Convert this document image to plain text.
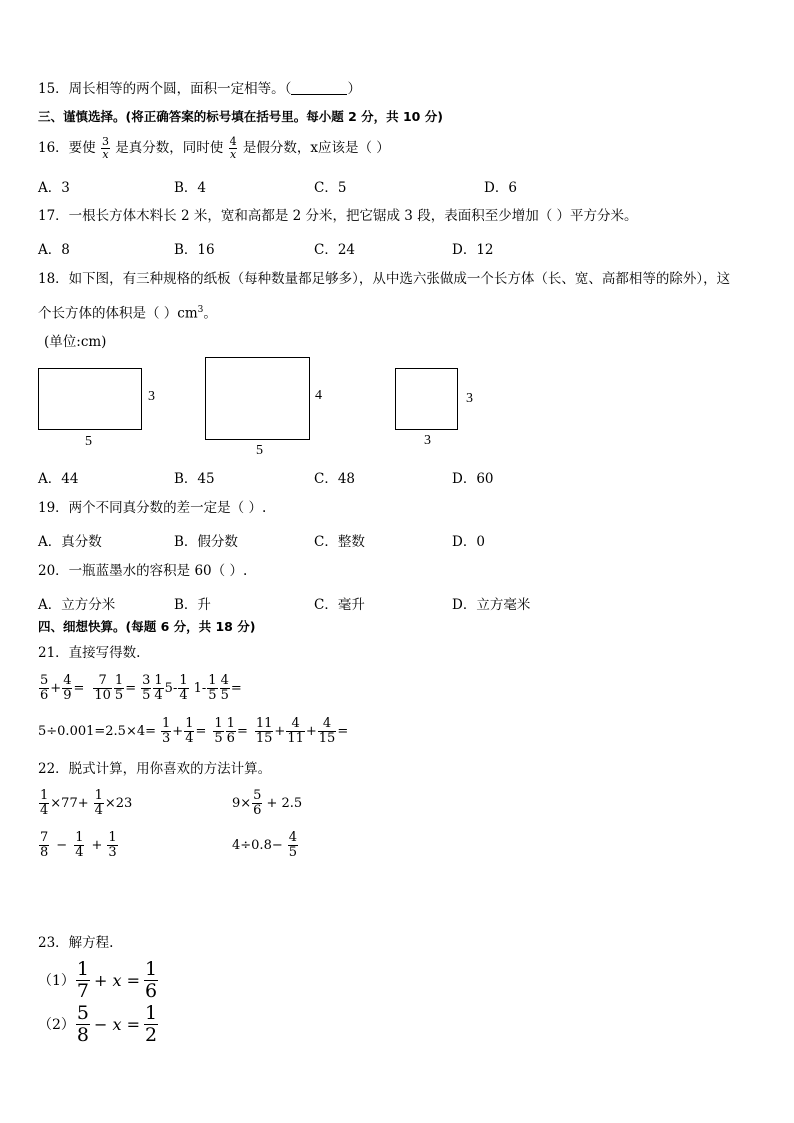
15．周长相等的两个圆，面积一定相等。（	）
三、谨慎选择。(将正确答案的标号填在括号里。每小题 2 分，共 10 分)
16．要使 $\frac{3}{x}$ 是真分数，同时使 $\frac{4}{x}$ 是假分数，x应该是（ ）
A．3	B．4	C．5	D．6
17．一根长方体木料长 2 米，宽和高都是 2 分米，把它锯成 3 段，表面积至少增加（ ）平方分米。
A．8	B．16	C．24	D．12
18．如下图，有三种规格的纸板（每种数量都足够多），从中选六张做成一个长方体（长、宽、高都相等的除外），这
个长方体的体积是（ ）$cm^3$。
(单位:cm)
3
5
4
5
3
3
A．44	B．45	C．48	D．60
19．两个不同真分数的差一定是（ ）.
A．真分数	B．假分数	C．整数	D．0
20．一瓶蓝墨水的容积是 60（ ）.
A．立方分米	B．升	C．毫升	D．立方毫米
四、细想快算。(每题 6 分，共 18 分)
21．直接写得数.
$\frac{5}{6} + \frac{4}{9} = \frac{7}{10} \frac{1}{5} = \frac{3}{5} \frac{1}{4} 5- \frac{1}{4} 1- \frac{1}{5} \frac{4}{5}$ =
$5\div 0.001=2.5\times 4= \frac{1}{3} + \frac{1}{4} = \frac{1}{5} \frac{1}{6} = \frac{11}{15} + \frac{4}{11} + \frac{4}{15}$ =
22．脱式计算，用你喜欢的方法计算。
$\frac{1}{4} \times 77+ \frac{1}{4} \times 23$	$9\times \frac{5}{6} + 2.5$
$\frac{7}{8} - \frac{1}{4} + \frac{1}{3}$	$4\div 0.8- \frac{4}{5}$
23．解方程.
$(1) \frac{1}{7} + x = \frac{1}{6}$
$(2) \frac{5}{8} - x = \frac{1}{2}$
